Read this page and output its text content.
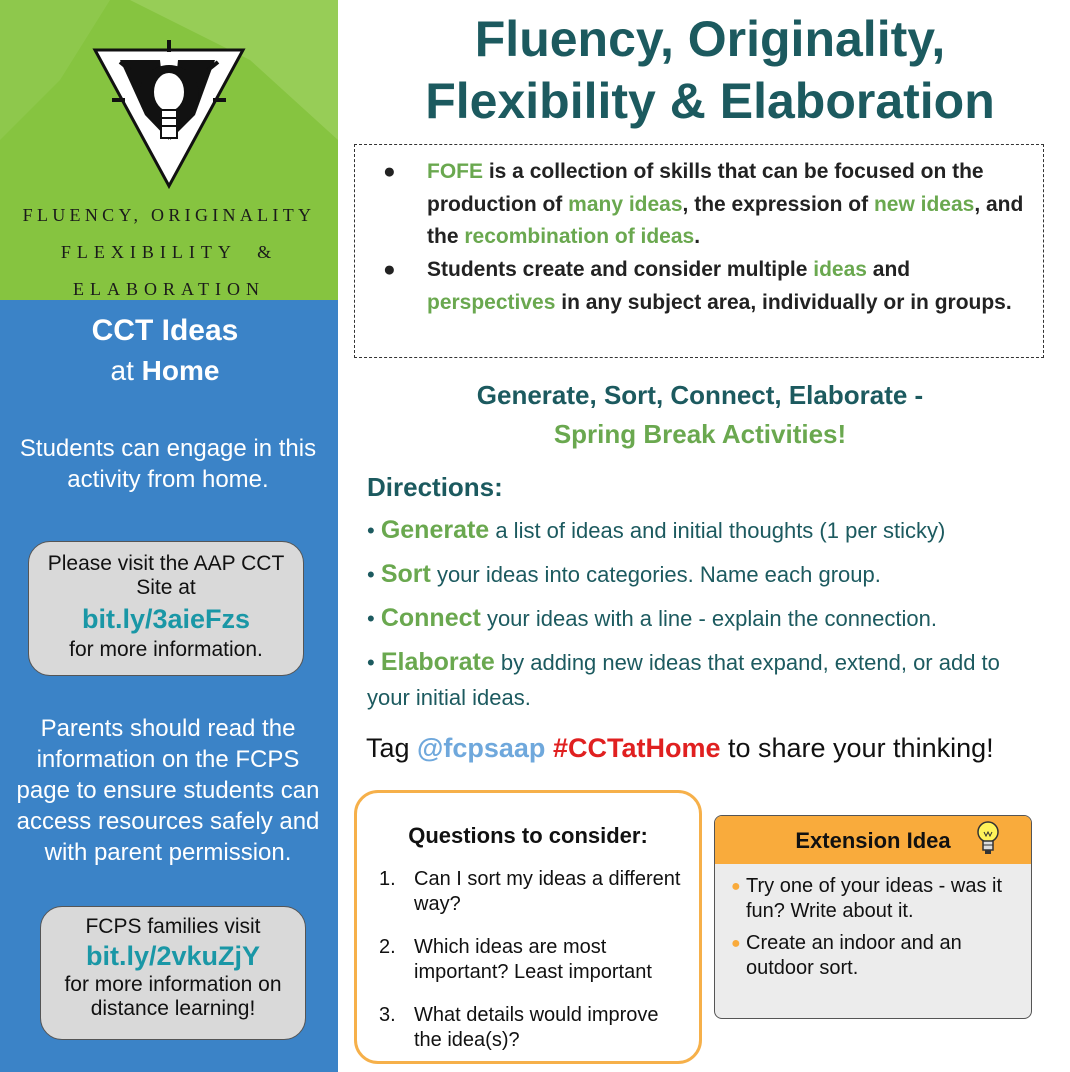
FLUENCY, ORIGINALITY
FLEXIBILITY  &
ELABORATION
CCT Ideas
at Home
Students can engage in this activity from home.
Please visit the AAP CCT Site at
bit.ly/3aieFzs
for more information.
Parents should read the information on the FCPS page to ensure students can access resources safely and with parent permission.
FCPS families visit
bit.ly/2vkuZjY
for more information on distance learning!
Fluency, Originality,
Flexibility & Elaboration
● FOFE is a collection of skills that can be focused on the production of many ideas, the expression of new ideas, and the recombination of ideas.
● Students create and consider multiple ideas and perspectives in any subject area, individually or in groups.
Generate, Sort, Connect, Elaborate -
Spring Break Activities!
Directions:
• Generate a list of ideas and initial thoughts (1 per sticky)
• Sort your ideas into categories. Name each group.
• Connect your ideas with a line - explain the connection.
• Elaborate by adding new ideas that expand, extend, or add to your initial ideas.
Tag @fcpsaap #CCTatHome to share your thinking!
Questions to consider:
1. Can I sort my ideas a different way?
2. Which ideas are most important? Least important
3. What details would improve the idea(s)?
Extension Idea
● Try one of your ideas - was it fun? Write about it.
● Create an indoor and an outdoor sort.
